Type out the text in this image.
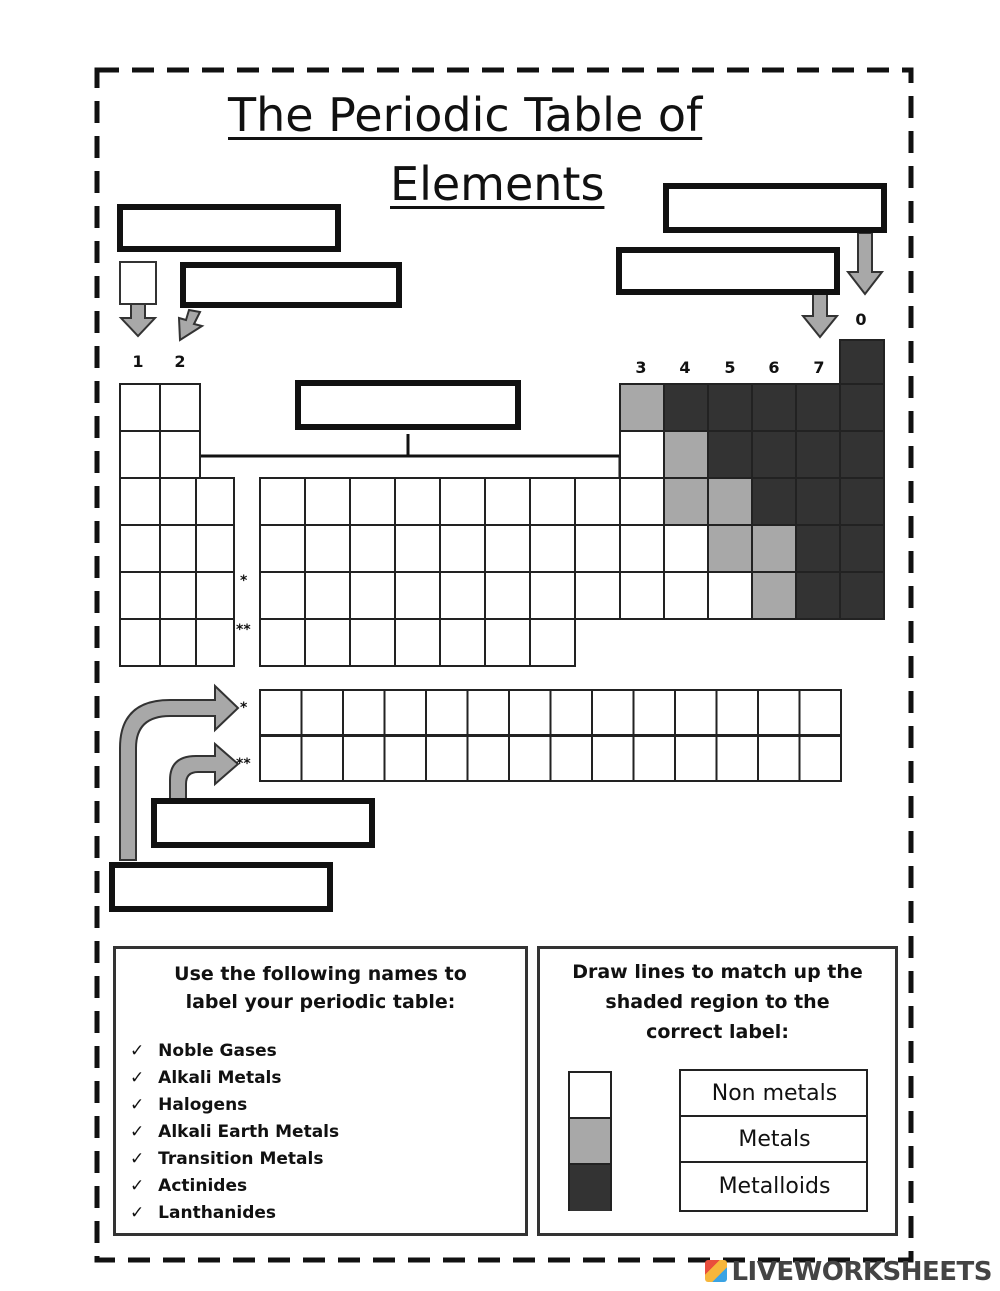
The Periodic Table of
Elements
1	2	3	4	5	6	7
0
*
**
*
**
Use the following names to
label your periodic table:
✓ Noble Gases
✓ Alkali Metals
✓ Halogens
✓ Alkali Earth Metals
✓ Transition Metals
✓ Actinides
✓ Lanthanides
Draw lines to match up the
shaded region to the
correct label:
Non metals
Metals
Metalloids
LIVEWORKSHEETS
